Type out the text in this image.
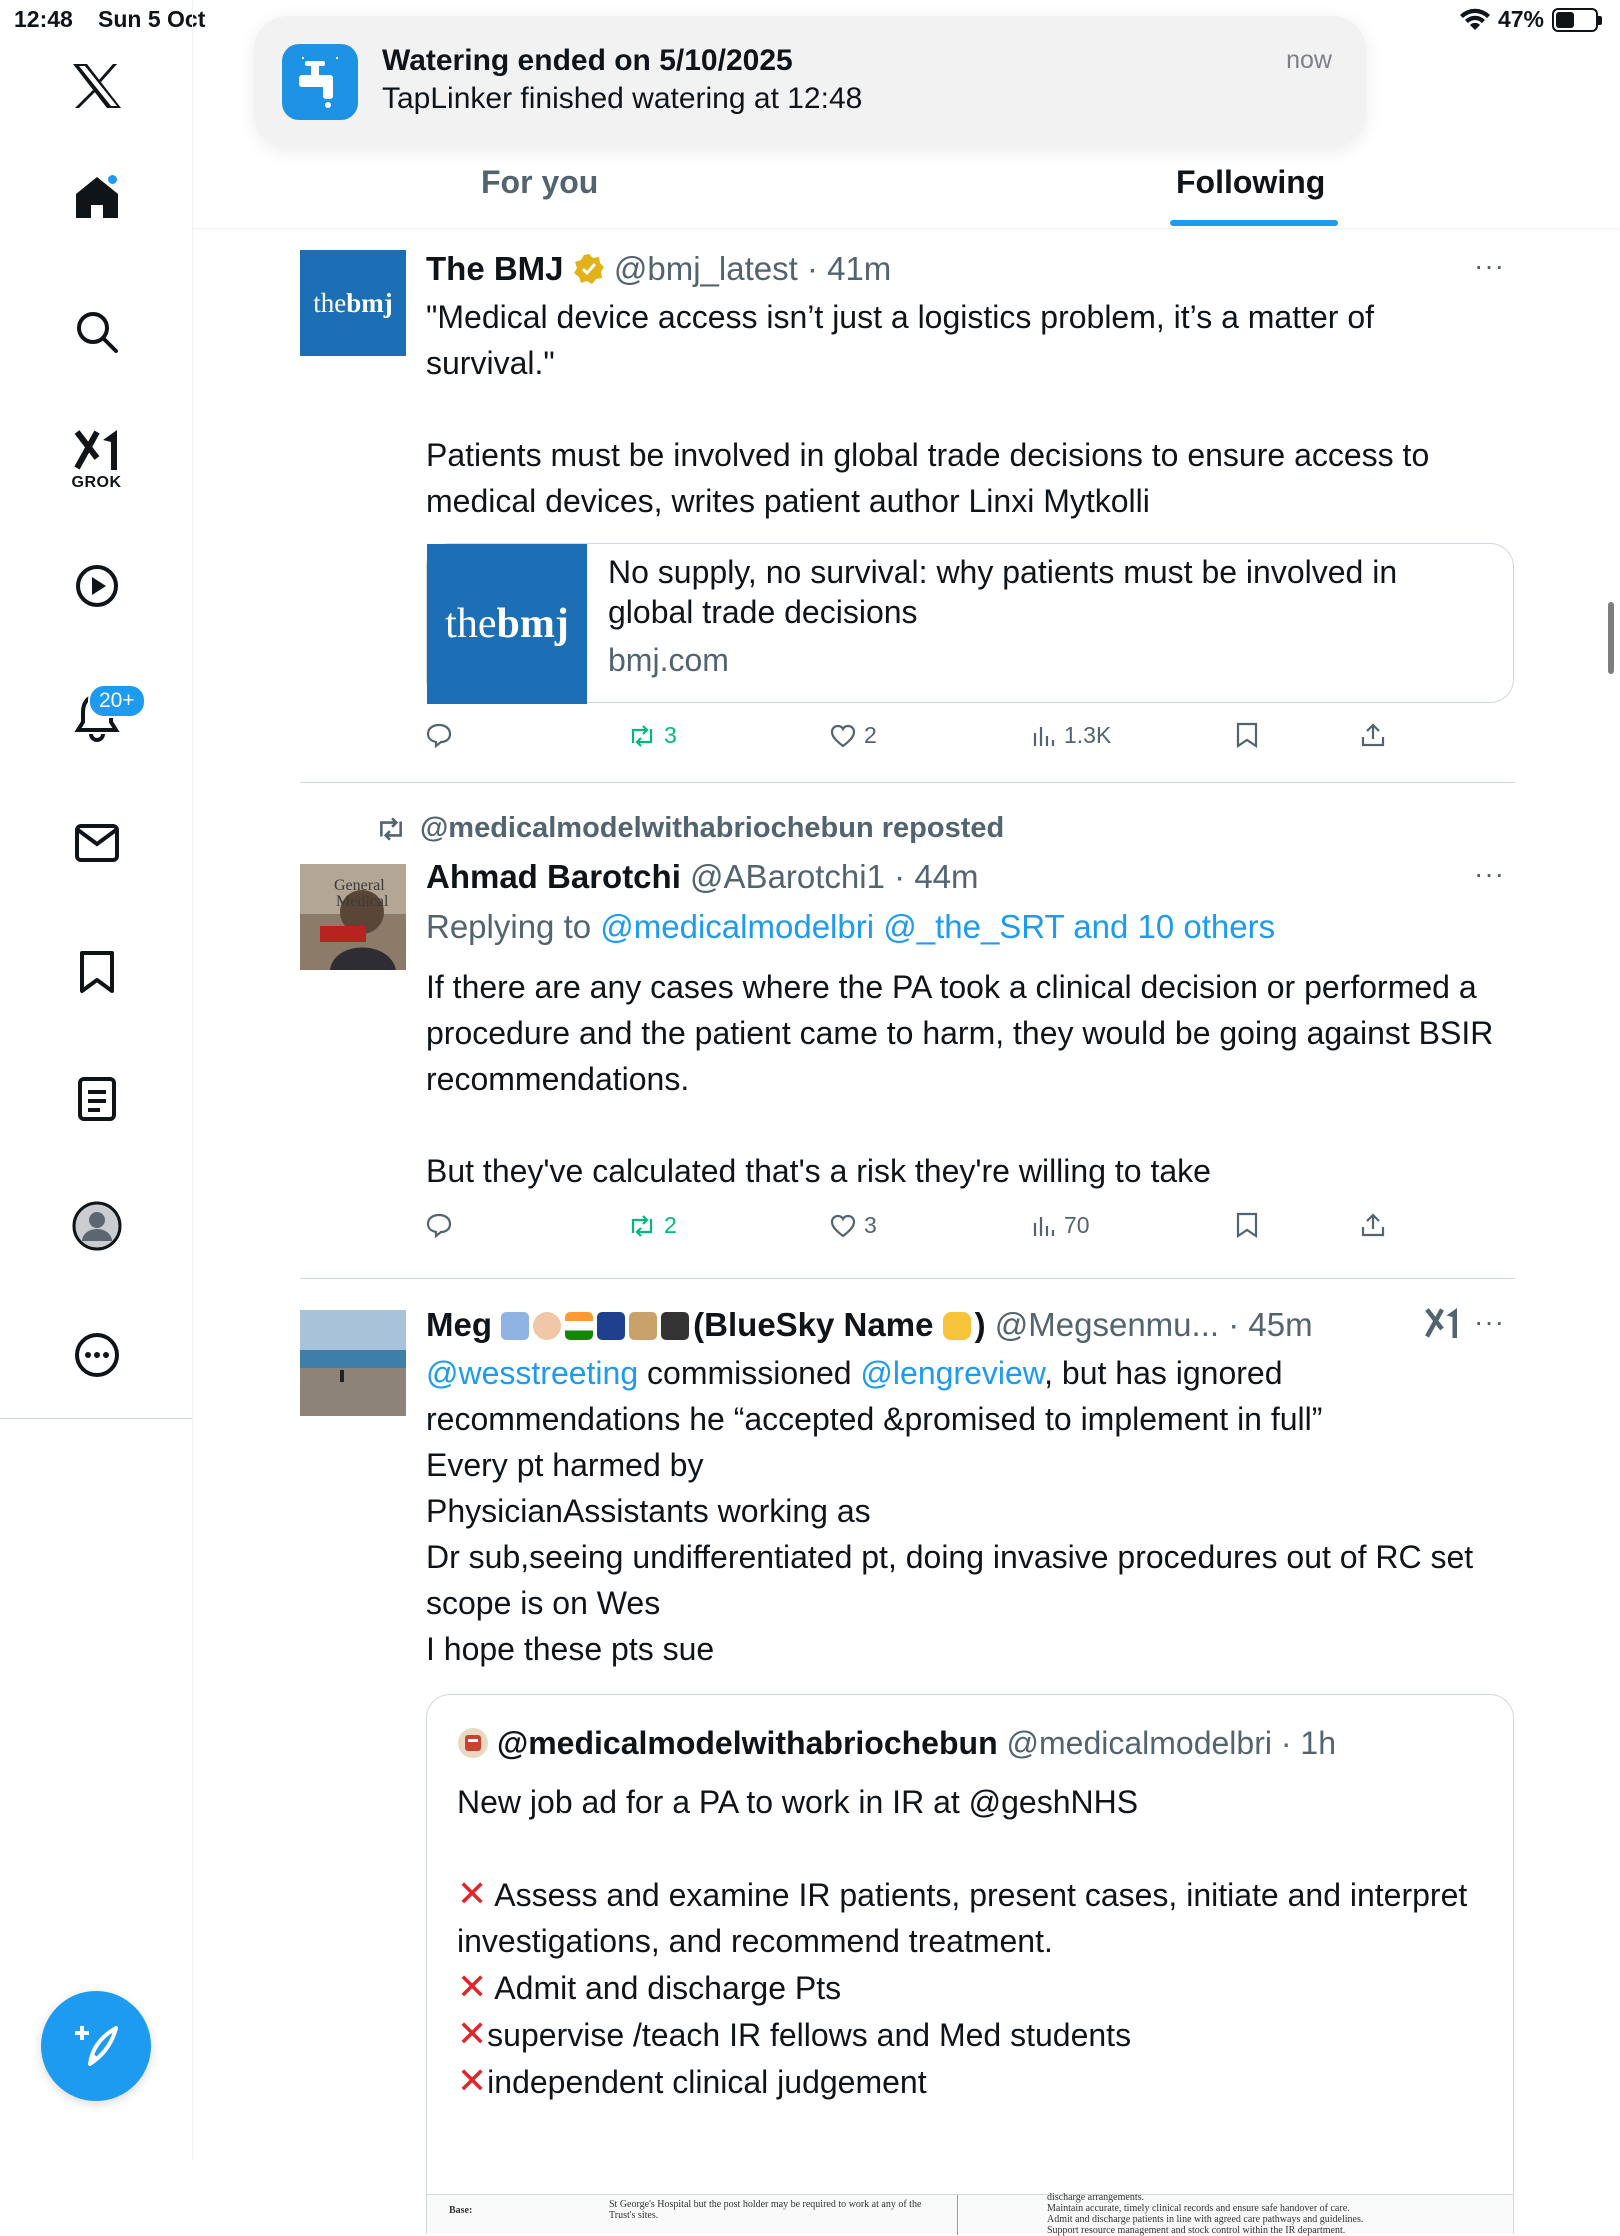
12:48 Sun 5 Oct	47%
GROK
20+
For you	Following
Watering ended on 5/10/2025
TapLinker finished watering at 12:48
now
thebmj
The BMJ @bmj_latest · 41m	···

"Medical device access isn’t just a logistics problem, it’s a matter of survival."

Patients must be involved in global trade decisions to ensure access to medical devices, writes patient author Linxi Mytkolli

the bmj
No supply, no survival: why patients must be involved in global trade decisions
bmj.com
3	2	1.3K
@medicalmodelwithabriochebun reposted
General
Medical
Ahmad Barotchi @ABarotchi1 · 44m	···
Replying to @medicalmodelbri @_the_SRT and 10 others

If there are any cases where the PA took a clinical decision or performed a procedure and the patient came to harm, they would be going against BSIR recommendations.

But they've calculated that's a risk they're willing to take

2	3	70
Meg	(BlueSky Name ) @Megsenmu... · 45m	···

@wesstreeting commissioned @lengreview, but has ignored recommendations he “accepted &promised to implement in full”

Every pt harmed by

PhysicianAssistants working as

Dr sub,seeing undifferentiated pt, doing invasive procedures out of RC set scope is on Wes

I hope these pts sue

@medicalmodelwithabriochebun @medicalmodelbri · 1h

New job ad for a PA to work in IR at @geshNHS

✕ Assess and examine IR patients, present cases, initiate and interpret investigations, and recommend treatment.

✕ Admit and discharge Pts

✕supervise /teach IR fellows and Med students

✕independent clinical judgement

Base:
St George's Hospital but the post holder may be required to work at any of the Trust's sites.
discharge arrangements.
Maintain accurate, timely clinical records and ensure safe handover of care.
Admit and discharge patients in line with agreed care pathways and guidelines.
Support resource management and stock control within the IR department.
